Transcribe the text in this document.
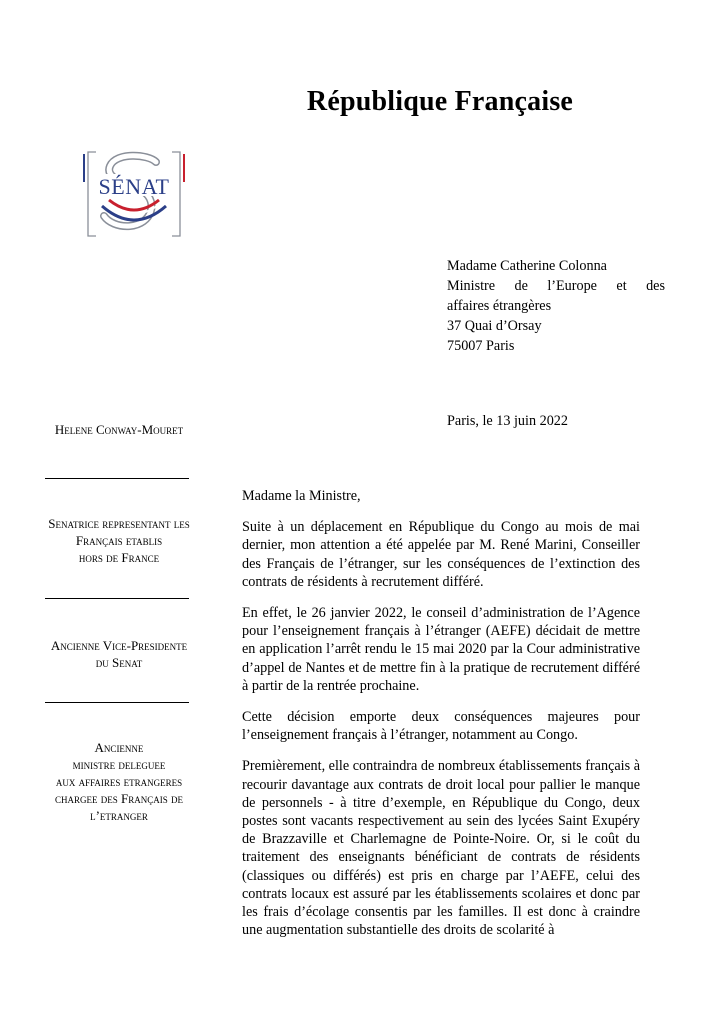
République Française
SÉNAT
Madame Catherine Colonna
Ministre de l’Europe et des
affaires étrangères
37 Quai d’Orsay
75007 Paris
Paris, le 13 juin 2022
Helene Conway-Mouret
Senatrice representant les
Français etablis
hors de France
Ancienne Vice-Presidente
du Senat
Ancienne
ministre deleguee
aux affaires etrangeres
chargee des Français de
l’etranger

Madame la Ministre,

Suite à un déplacement en République du Congo au mois de mai dernier, mon attention a été appelée par M. René Marini, Conseiller des Français de l’étranger, sur les conséquences de l’extinction des contrats de résidents à recrutement différé.

En effet, le 26 janvier 2022, le conseil d’administration de l’Agence pour l’enseignement français à l’étranger (AEFE) décidait de mettre en application l’arrêt rendu le 15 mai 2020 par la Cour administrative d’appel de Nantes et de mettre fin à la pratique de recrutement différé à partir de la rentrée prochaine.

Cette décision emporte deux conséquences majeures pour l’enseignement français à l’étranger, notamment au Congo.

Premièrement, elle contraindra de nombreux établissements français à recourir davantage aux contrats de droit local pour pallier le manque de personnels - à titre d’exemple, en République du Congo, deux postes sont vacants respectivement au sein des lycées Saint Exupéry de Brazzaville et Charlemagne de Pointe-Noire. Or, si le coût du traitement des enseignants bénéficiant de contrats de résidents (classiques ou différés) est pris en charge par l’AEFE, celui des contrats locaux est assuré par les établissements scolaires et donc par les frais d’écolage consentis par les familles. Il est donc à craindre une augmentation substantielle des droits de scolarité à
